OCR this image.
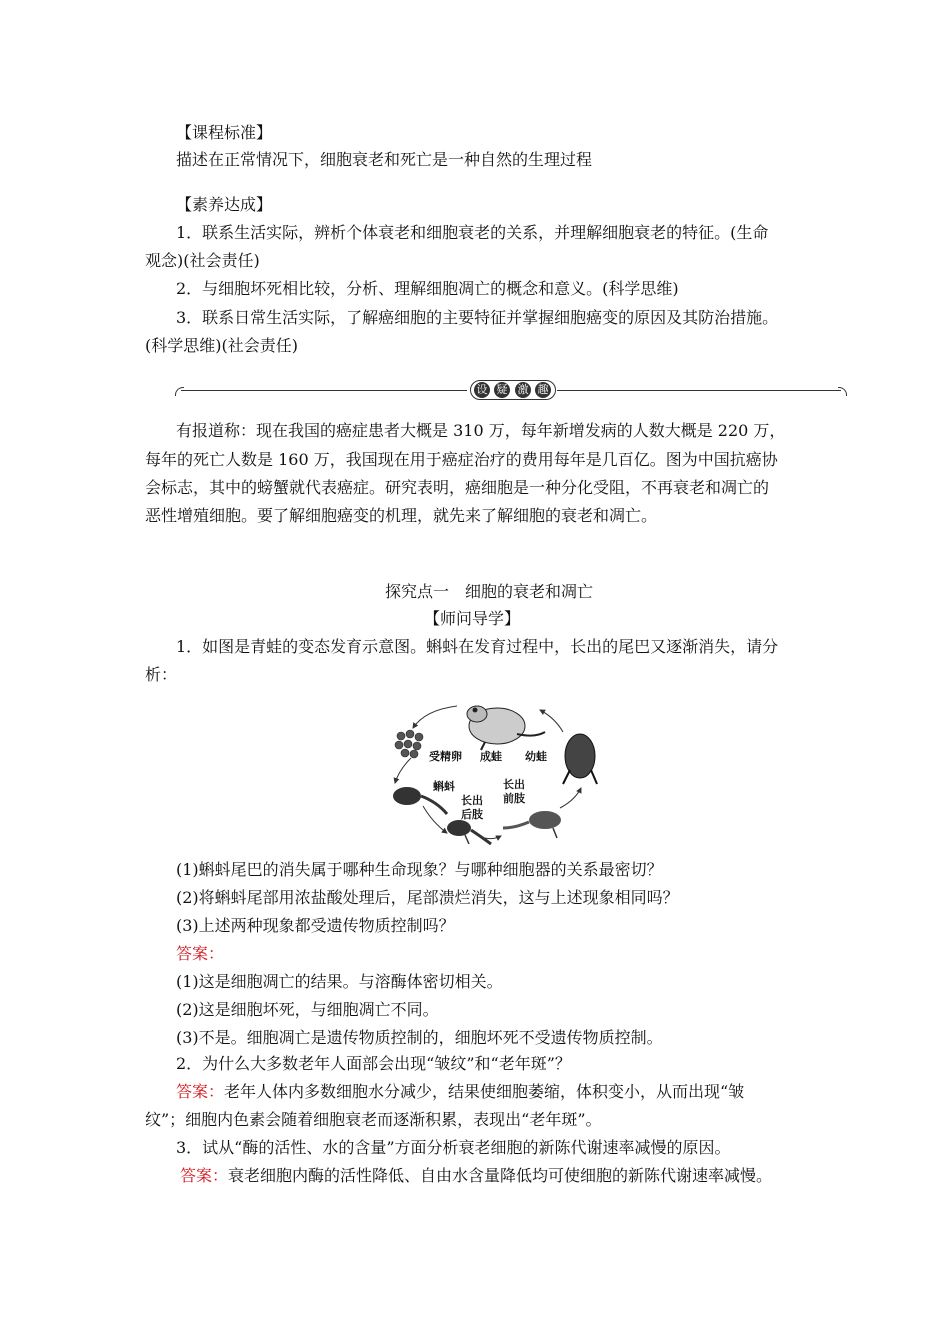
【课程标准】
描述在正常情况下，细胞衰老和死亡是一种自然的生理过程
【素养达成】
1．联系生活实际，辨析个体衰老和细胞衰老的关系，并理解细胞衰老的特征。(生命
观念)(社会责任)
2．与细胞坏死相比较，分析、理解细胞凋亡的概念和意义。(科学思维)
3．联系日常生活实际，了解癌细胞的主要特征并掌握细胞癌变的原因及其防治措施。
(科学思维)(社会责任)
设 疑 激 趣
有报道称：现在我国的癌症患者大概是 310 万，每年新增发病的人数大概是 220 万，
每年的死亡人数是 160 万，我国现在用于癌症治疗的费用每年是几百亿。图为中国抗癌协
会标志，其中的螃蟹就代表癌症。研究表明，癌细胞是一种分化受阻，不再衰老和凋亡的
恶性增殖细胞。要了解细胞癌变的机理，就先来了解细胞的衰老和凋亡。
探究点一　细胞的衰老和凋亡
【师问导学】
1．如图是青蛙的变态发育示意图。蝌蚪在发育过程中，长出的尾巴又逐渐消失，请分
析：
受精卵 成蛙 幼蛙
蝌蚪
长出
后肢
长出
前肢
(1)蝌蚪尾巴的消失属于哪种生命现象？与哪种细胞器的关系最密切？
(2)将蝌蚪尾部用浓盐酸处理后，尾部溃烂消失，这与上述现象相同吗？
(3)上述两种现象都受遗传物质控制吗？
答案：
(1)这是细胞凋亡的结果。与溶酶体密切相关。
(2)这是细胞坏死，与细胞凋亡不同。
(3)不是。细胞凋亡是遗传物质控制的，细胞坏死不受遗传物质控制。
2．为什么大多数老年人面部会出现“皱纹”和“老年斑”？
答案：老年人体内多数细胞水分减少，结果使细胞萎缩，体积变小，从而出现“皱
纹”；细胞内色素会随着细胞衰老而逐渐积累，表现出“老年斑”。
3．试从“酶的活性、水的含量”方面分析衰老细胞的新陈代谢速率减慢的原因。
答案：衰老细胞内酶的活性降低、自由水含量降低均可使细胞的新陈代谢速率减慢。
